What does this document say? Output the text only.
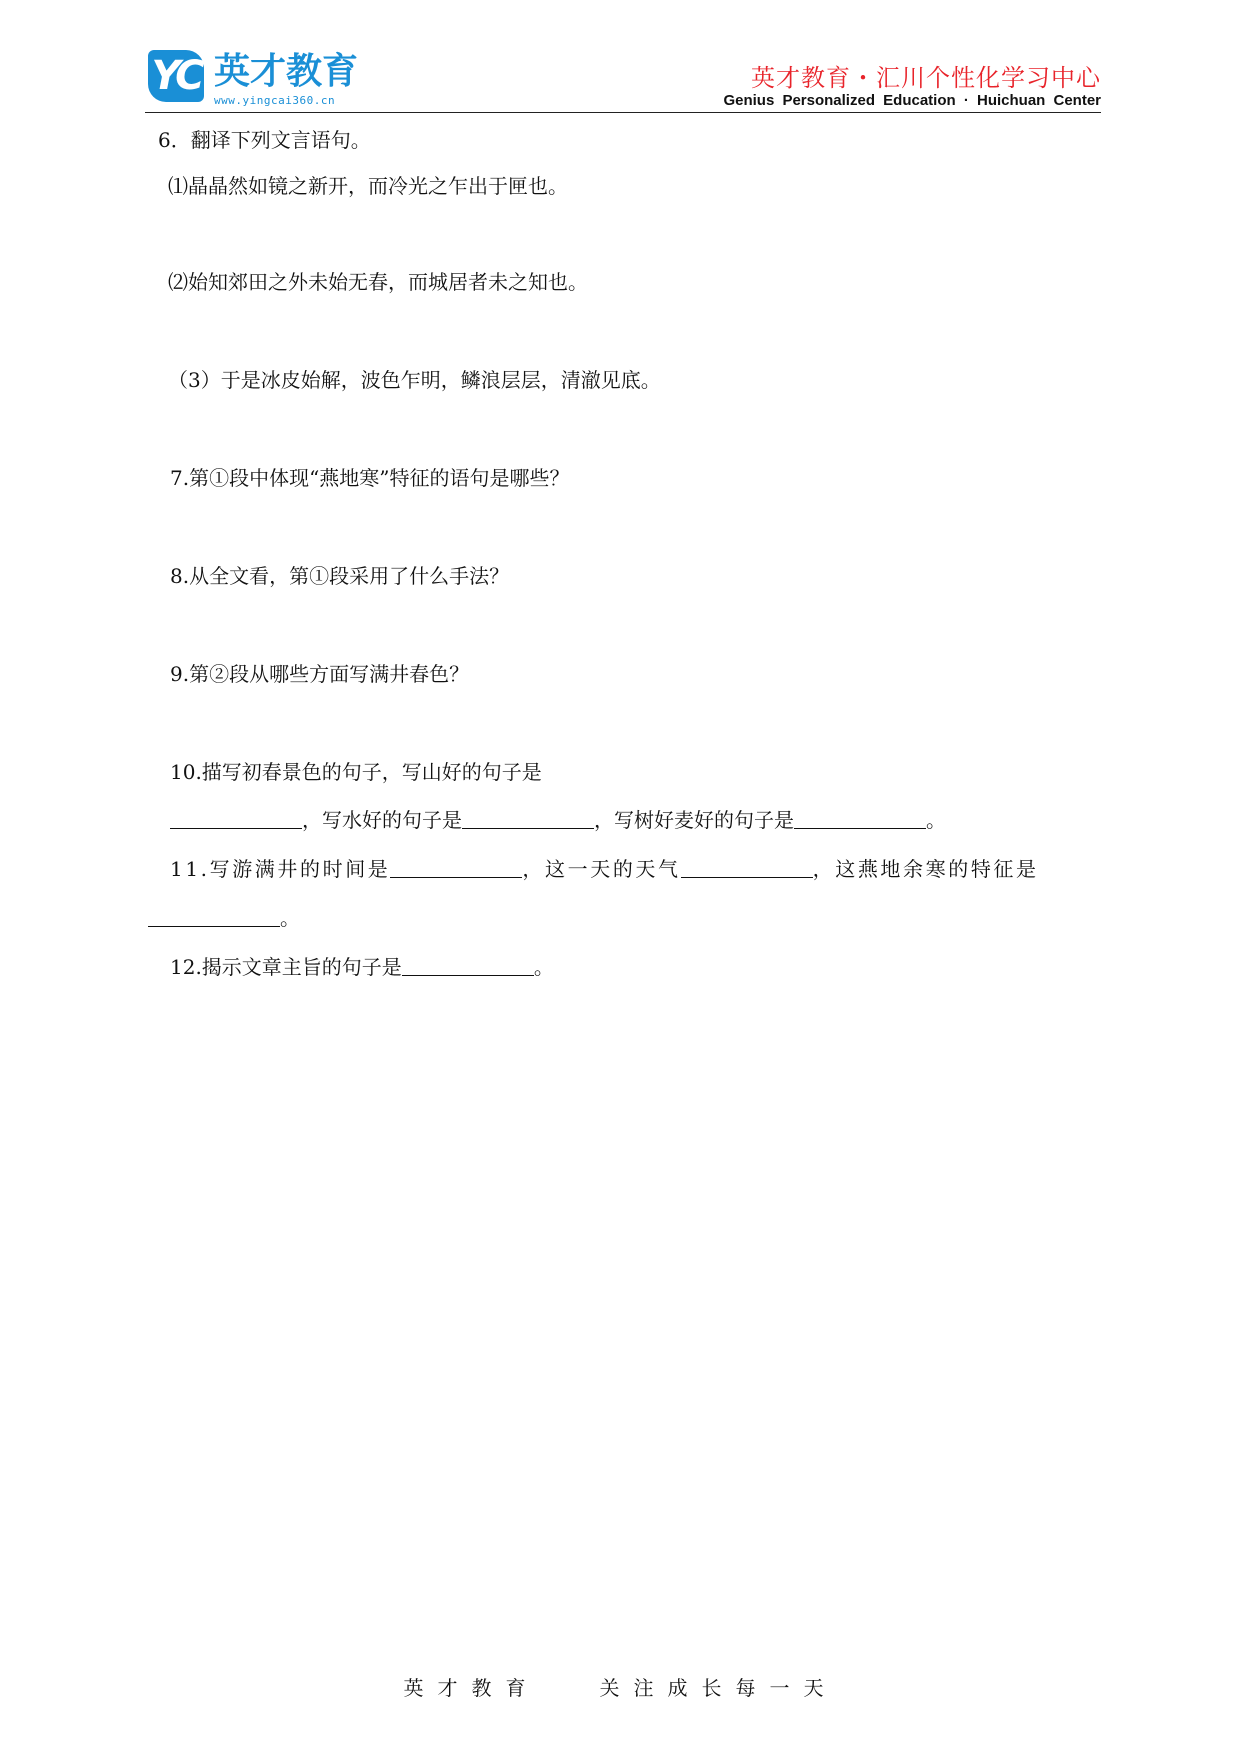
YC 英才教育
www.yingcai360.cn
英才教育・汇川个性化学习中心
Genius Personalized Education · Huichuan Center
6．翻译下列文言语句。
⑴晶晶然如镜之新开，而冷光之乍出于匣也。
⑵始知郊田之外未始无春，而城居者未之知也。
（3）于是冰皮始解，波色乍明，鳞浪层层，清澈见底。
7.第①段中体现“燕地寒”特征的语句是哪些？
8.从全文看，第①段采用了什么手法？
9.第②段从哪些方面写满井春色？
10.描写初春景色的句子，写山好的句子是
，写水好的句子是	，写树好麦好的句子是	。
11.写游满井的时间是	，这一天的天气	，这燕地余寒的特征是
。
12.揭示文章主旨的句子是	。
英才教育	关注成长每一天
